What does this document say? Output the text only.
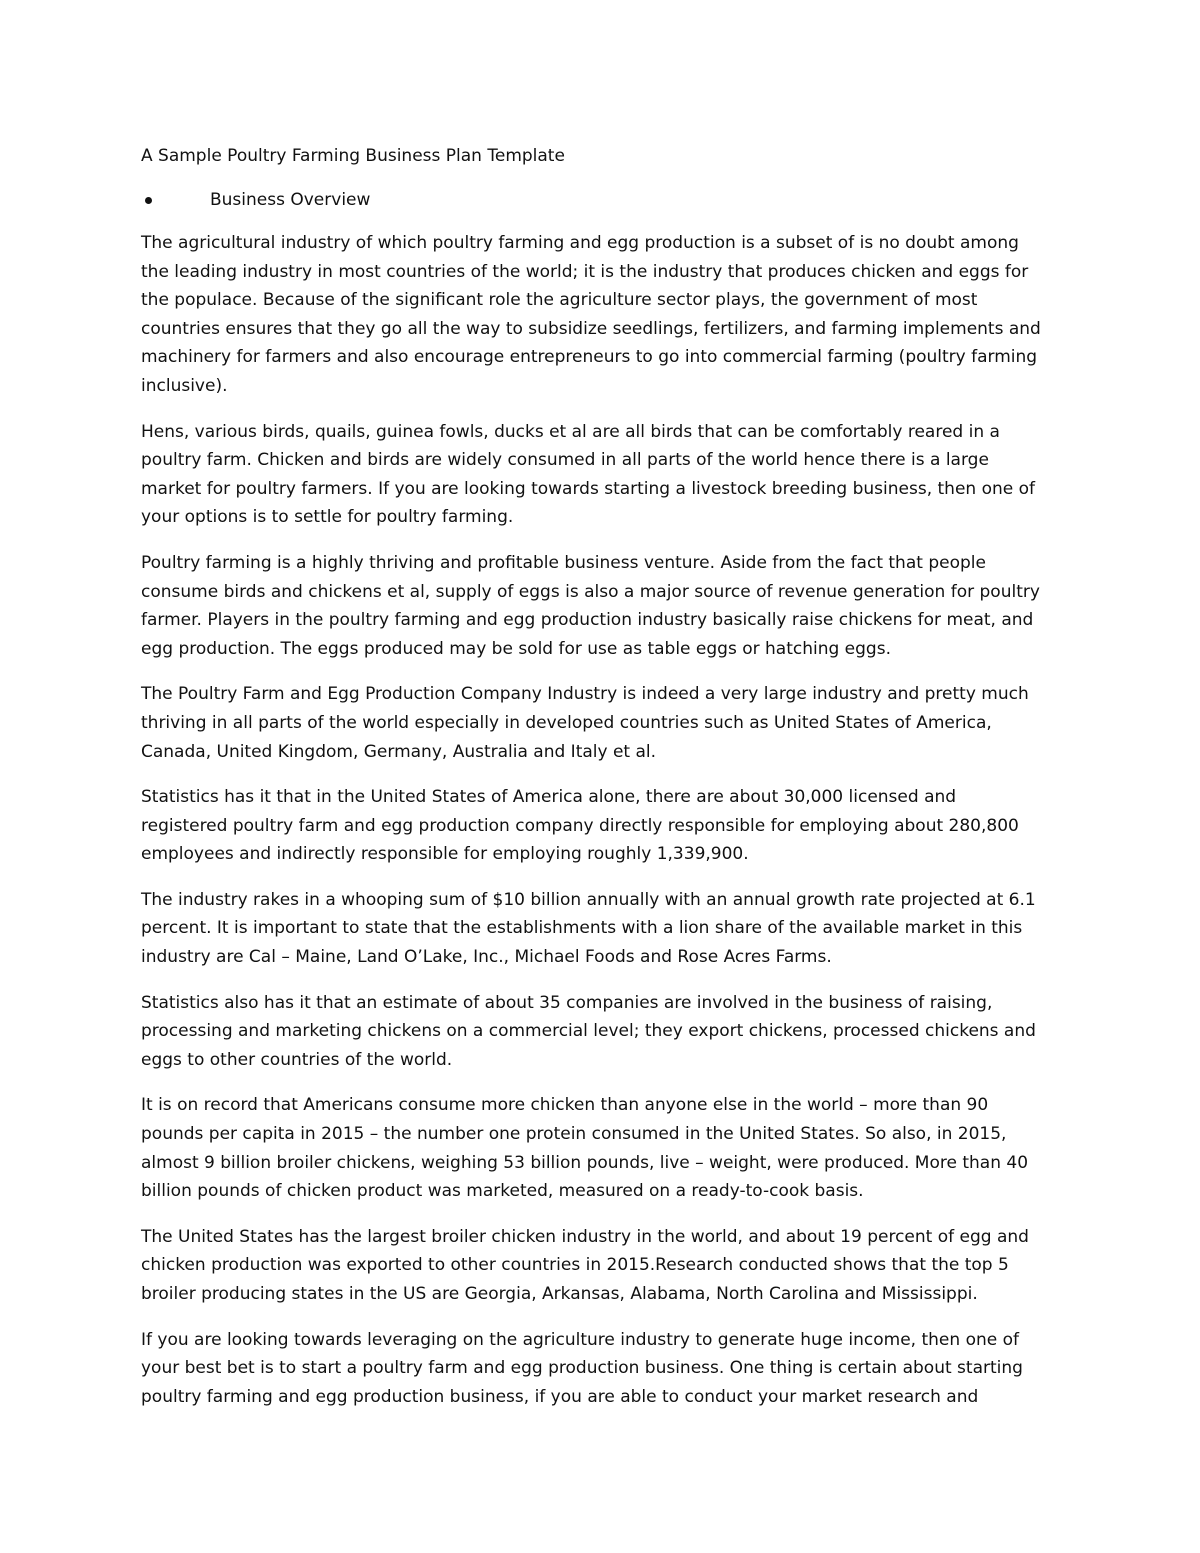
A Sample Poultry Farming Business Plan Template
Business Overview
The agricultural industry of which poultry farming and egg production is a subset of is no doubt among
the leading industry in most countries of the world; it is the industry that produces chicken and eggs for
the populace. Because of the significant role the agriculture sector plays, the government of most
countries ensures that they go all the way to subsidize seedlings, fertilizers, and farming implements and
machinery for farmers and also encourage entrepreneurs to go into commercial farming (poultry farming
inclusive).
Hens, various birds, quails, guinea fowls, ducks et al are all birds that can be comfortably reared in a
poultry farm. Chicken and birds are widely consumed in all parts of the world hence there is a large
market for poultry farmers. If you are looking towards starting a livestock breeding business, then one of
your options is to settle for poultry farming.
Poultry farming is a highly thriving and profitable business venture. Aside from the fact that people
consume birds and chickens et al, supply of eggs is also a major source of revenue generation for poultry
farmer. Players in the poultry farming and egg production industry basically raise chickens for meat, and
egg production. The eggs produced may be sold for use as table eggs or hatching eggs.
The Poultry Farm and Egg Production Company Industry is indeed a very large industry and pretty much
thriving in all parts of the world especially in developed countries such as United States of America,
Canada, United Kingdom, Germany, Australia and Italy et al.
Statistics has it that in the United States of America alone, there are about 30,000 licensed and
registered poultry farm and egg production company directly responsible for employing about 280,800
employees and indirectly responsible for employing roughly 1,339,900.
The industry rakes in a whooping sum of $10 billion annually with an annual growth rate projected at 6.1
percent. It is important to state that the establishments with a lion share of the available market in this
industry are Cal – Maine, Land O’Lake, Inc., Michael Foods and Rose Acres Farms.
Statistics also has it that an estimate of about 35 companies are involved in the business of raising,
processing and marketing chickens on a commercial level; they export chickens, processed chickens and
eggs to other countries of the world.
It is on record that Americans consume more chicken than anyone else in the world – more than 90
pounds per capita in 2015 – the number one protein consumed in the United States. So also, in 2015,
almost 9 billion broiler chickens, weighing 53 billion pounds, live – weight, were produced. More than 40
billion pounds of chicken product was marketed, measured on a ready-to-cook basis.
The United States has the largest broiler chicken industry in the world, and about 19 percent of egg and
chicken production was exported to other countries in 2015.Research conducted shows that the top 5
broiler producing states in the US are Georgia, Arkansas, Alabama, North Carolina and Mississippi.
If you are looking towards leveraging on the agriculture industry to generate huge income, then one of
your best bet is to start a poultry farm and egg production business. One thing is certain about starting
poultry farming and egg production business, if you are able to conduct your market research and
